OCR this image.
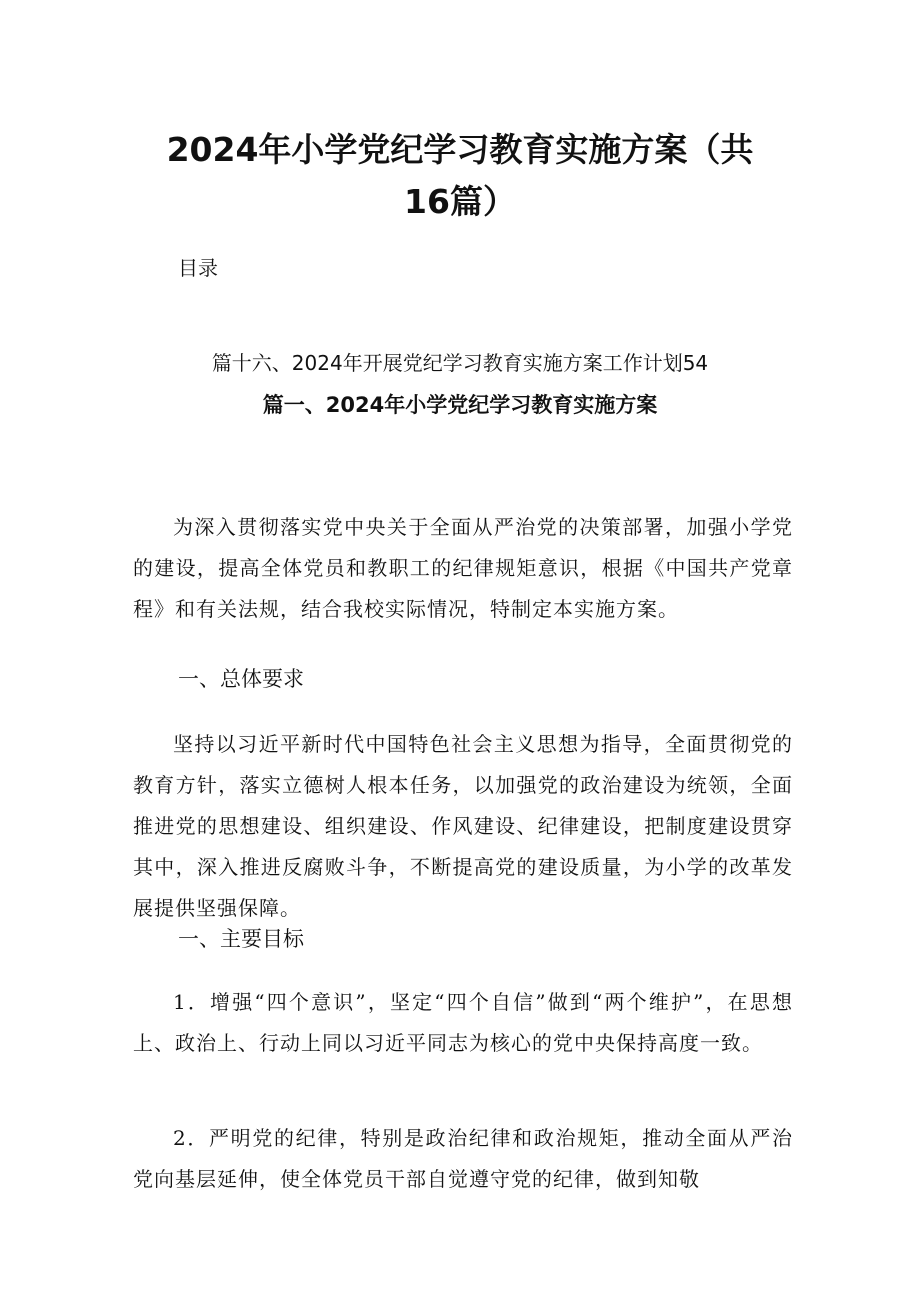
2024年小学党纪学习教育实施方案（共16篇）
目录
篇十六、2024年开展党纪学习教育实施方案工作计划54
篇一、2024年小学党纪学习教育实施方案

为深入贯彻落实党中央关于全面从严治党的决策部署，加强小学党的建设，提高全体党员和教职工的纪律规矩意识，根据《中国共产党章程》和有关法规，结合我校实际情况，特制定本实施方案。

一、总体要求

坚持以习近平新时代中国特色社会主义思想为指导，全面贯彻党的教育方针，落实立德树人根本任务，以加强党的政治建设为统领，全面推进党的思想建设、组织建设、作风建设、纪律建设，把制度建设贯穿其中，深入推进反腐败斗争，不断提高党的建设质量，为小学的改革发展提供坚强保障。

一、主要目标

1．增强“四个意识”，坚定“四个自信”做到“两个维护”，在思想上、政治上、行动上同以习近平同志为核心的党中央保持高度一致。

2．严明党的纪律，特别是政治纪律和政治规矩，推动全面从严治党向基层延伸，使全体党员干部自觉遵守党的纪律，做到知敬
